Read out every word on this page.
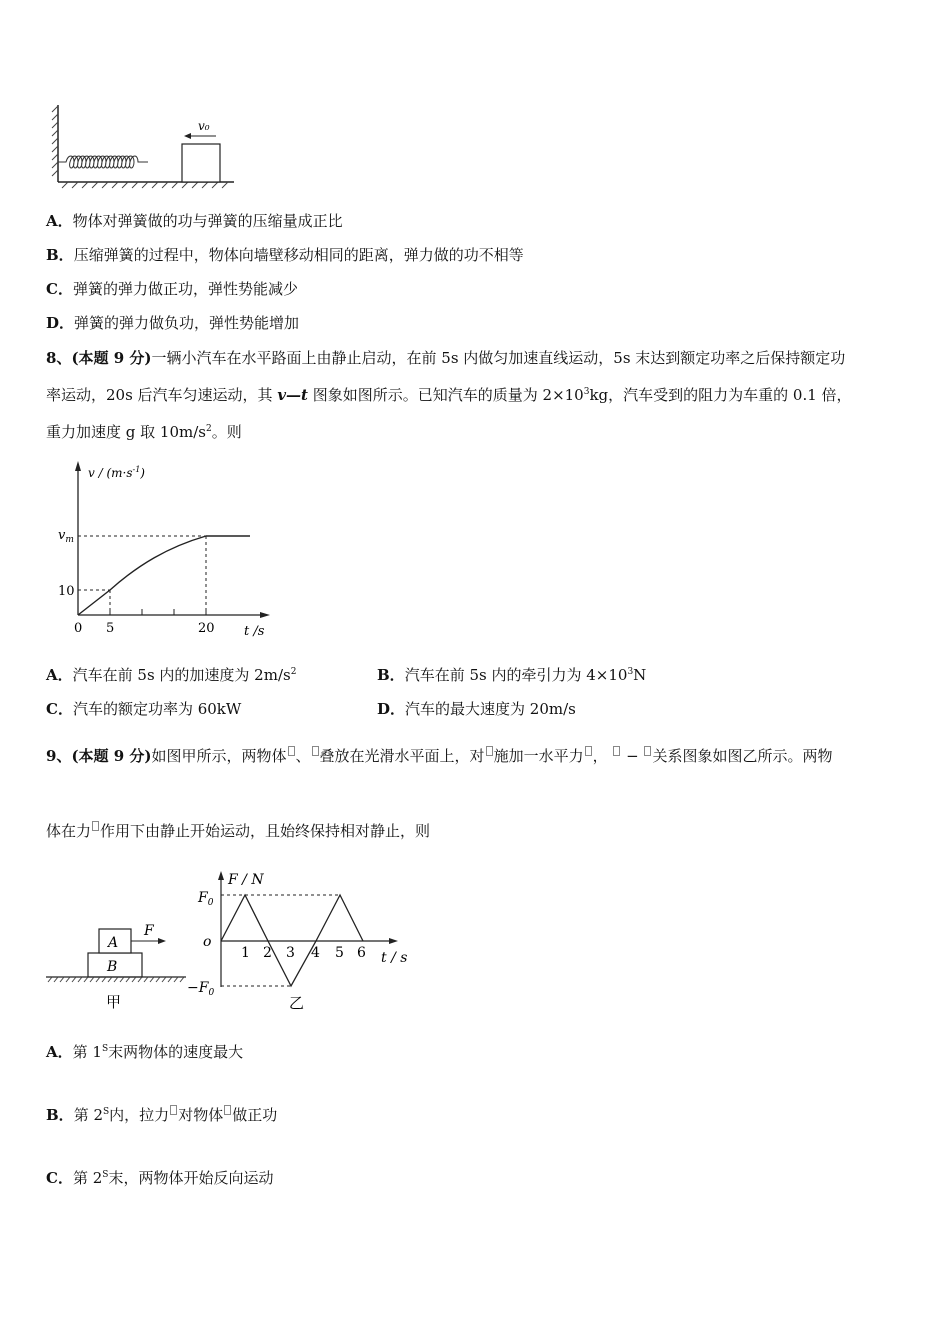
v₀
A．物体对弹簧做的功与弹簧的压缩量成正比
B．压缩弹簧的过程中，物体向墙壁移动相同的距离，弹力做的功不相等
C．弹簧的弹力做正功，弹性势能减少
D．弹簧的弹力做负功，弹性势能增加
8、(本题 9 分)一辆小汽车在水平路面上由静止启动，在前 5s 内做匀加速直线运动，5s 末达到额定功率之后保持额定功
率运动，20s 后汽车匀速运动，其 v—t 图象如图所示。已知汽车的质量为 $2\times 10^3kg$，汽车受到的阻力为车重的 0.1 倍，
重力加速度 g 取 $10m/s^2$。则
$v / (m\cdot s^{-1})$
$v_m$
10
0 5	20 t /s
A．汽车在前 5s 内的加速度为 $2m/s^2$	B．汽车在前 5s 内的牵引力为 $4\times 10^3N$
C．汽车的额定功率为 60kW	D．汽车的最大速度为 20m/s
9、(本题 9 分)如图甲所示，两物体 、 叠放在光滑水平面上，对 施加一水平力 ，  − 关系图象如图乙所示。两物
体在力 作用下由静止开始运动，且始终保持相对静止，则
A
B
F
甲
F / N
$F_0$
$-F_0$
o
1 2 3 4 5 6 t / s
乙
A．第 $1^S$末两物体的速度最大
B．第 $2^S$内，拉力 对物体 做正功
C．第 $2^S$末，两物体开始反向运动
